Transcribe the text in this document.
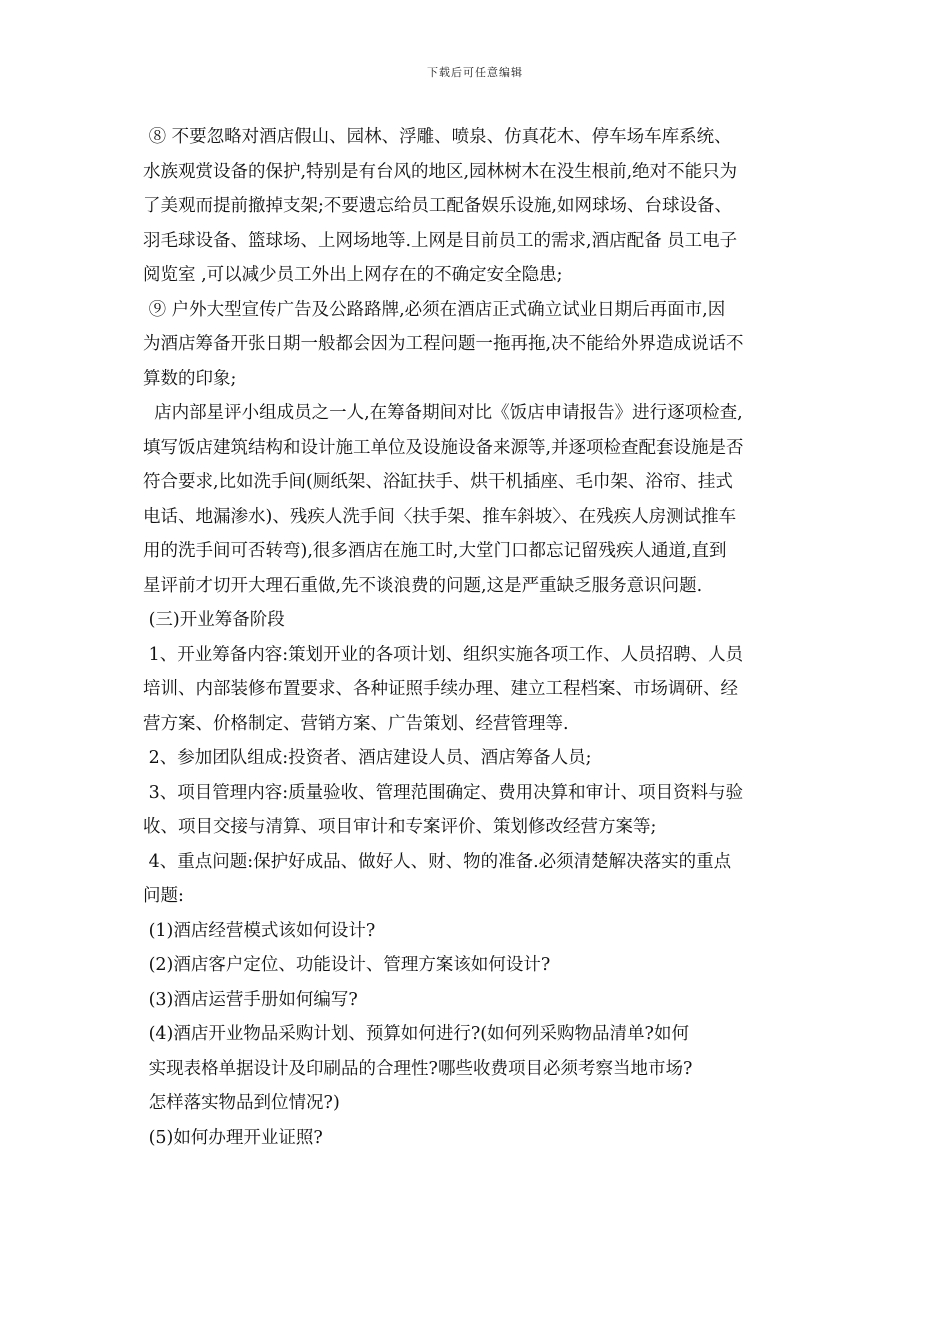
下载后可任意编辑
⑧ 不要忽略对酒店假山、园林、浮雕、喷泉、仿真花木、停车场车库系统、
水族观赏设备的保护,特别是有台风的地区,园林树木在没生根前,绝对不能只为
了美观而提前撤掉支架;不要遗忘给员工配备娱乐设施,如网球场、台球设备、
羽毛球设备、篮球场、上网场地等.上网是目前员工的需求,酒店配备 员工电子
阅览室 ,可以减少员工外出上网存在的不确定安全隐患;
⑨ 户外大型宣传广告及公路路牌,必须在酒店正式确立试业日期后再面市,因
为酒店筹备开张日期一般都会因为工程问题一拖再拖,决不能给外界造成说话不
算数的印象;
店内部星评小组成员之一人,在筹备期间对比《饭店申请报告》进行逐项检查,
填写饭店建筑结构和设计施工单位及设施设备来源等,并逐项检查配套设施是否
符合要求,比如洗手间(厕纸架、浴缸扶手、烘干机插座、毛巾架、浴帘、挂式
电话、地漏渗水)、残疾人洗手间〈扶手架、推车斜坡〉、在残疾人房测试推车
用的洗手间可否转弯),很多酒店在施工时,大堂门口都忘记留残疾人通道,直到
星评前才切开大理石重做,先不谈浪费的问题,这是严重缺乏服务意识问题.
(三)开业筹备阶段
1、开业筹备内容:策划开业的各项计划、组织实施各项工作、人员招聘、人员
培训、内部装修布置要求、各种证照手续办理、建立工程档案、市场调研、经
营方案、价格制定、营销方案、广告策划、经营管理等.
2、参加团队组成:投资者、酒店建设人员、酒店筹备人员;
3、项目管理内容:质量验收、管理范围确定、费用决算和审计、项目资料与验
收、项目交接与清算、项目审计和专案评价、策划修改经营方案等;
4、重点问题:保护好成品、做好人、财、物的准备.必须清楚解决落实的重点
问题:
(1)酒店经营模式该如何设计?
(2)酒店客户定位、功能设计、管理方案该如何设计?
(3)酒店运营手册如何编写?
(4)酒店开业物品采购计划、预算如何进行?(如何列采购物品清单?如何
实现表格单据设计及印刷品的合理性?哪些收费项目必须考察当地市场?
怎样落实物品到位情况?)
(5)如何办理开业证照?
